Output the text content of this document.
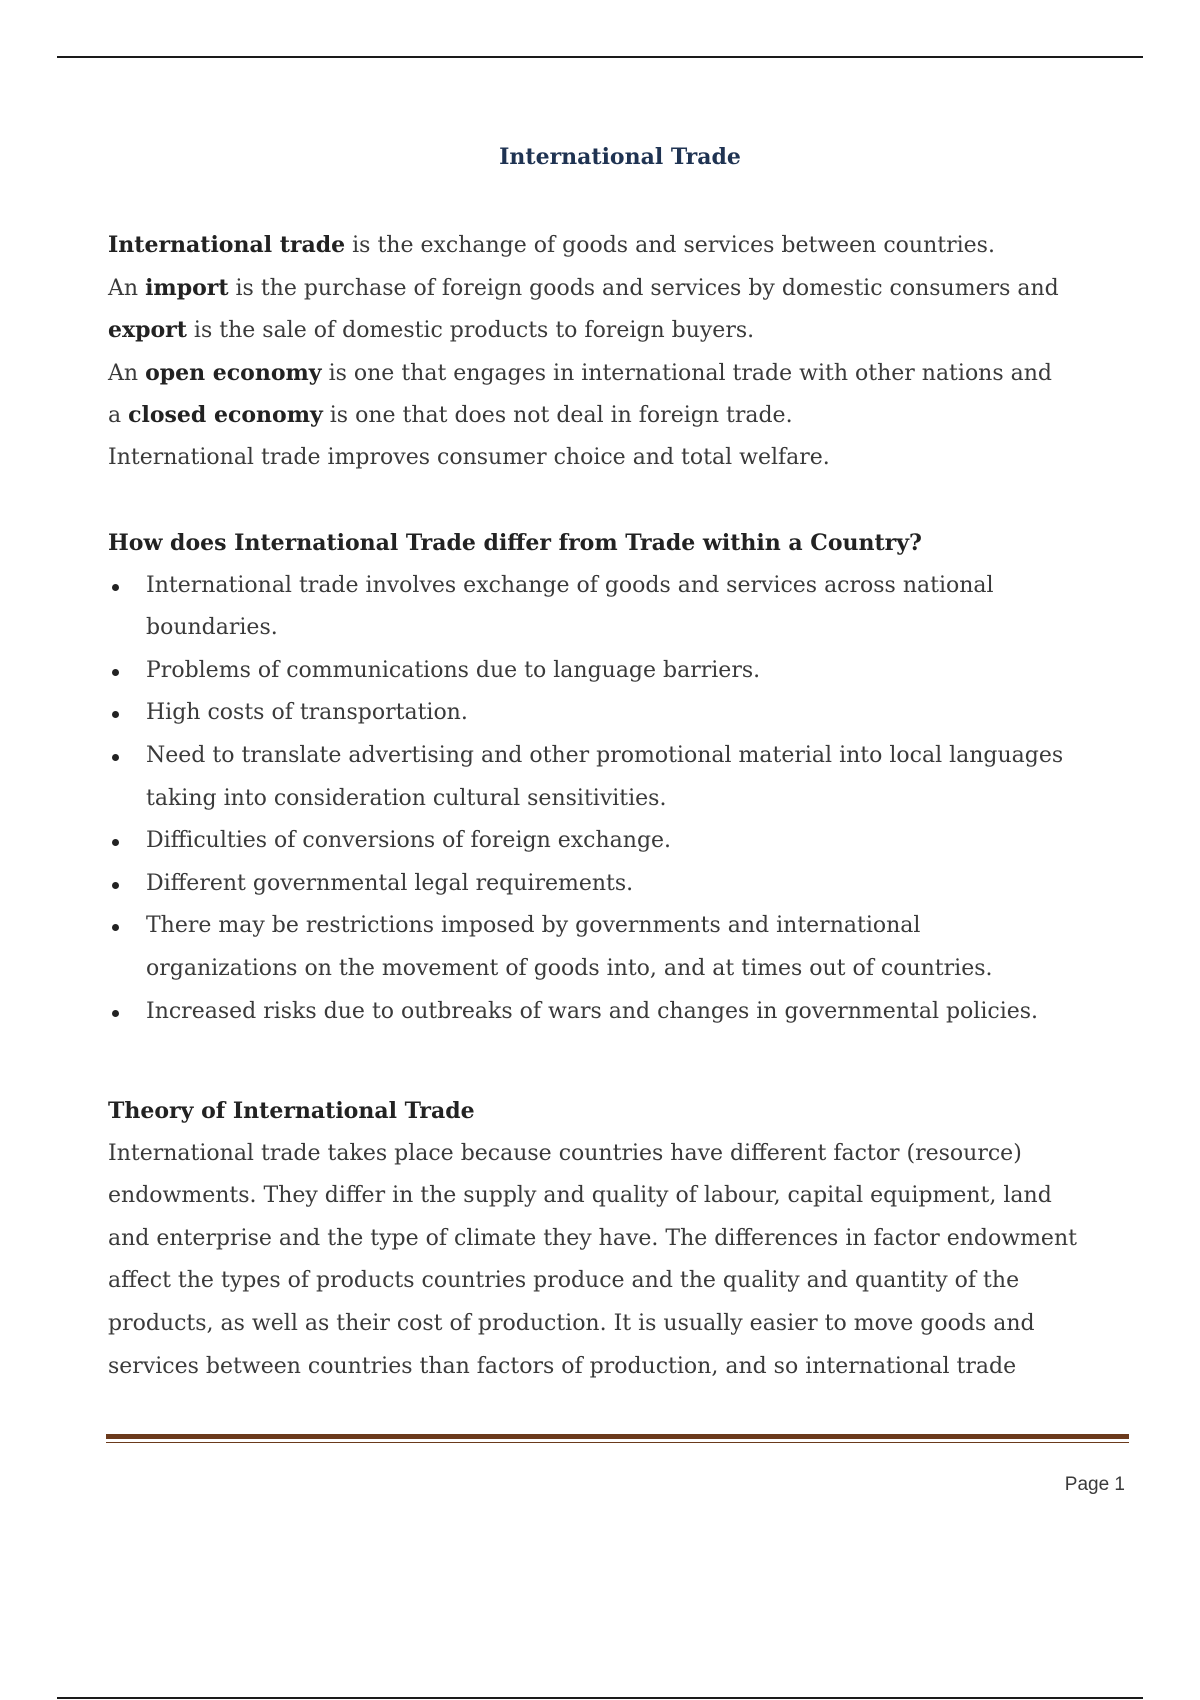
International Trade
International trade is the exchange of goods and services between countries.
An import is the purchase of foreign goods and services by domestic consumers and
export is the sale of domestic products to foreign buyers.
An open economy is one that engages in international trade with other nations and
a closed economy is one that does not deal in foreign trade.
International trade improves consumer choice and total welfare.
How does International Trade differ from Trade within a Country?
International trade involves exchange of goods and services across national
boundaries.
Problems of communications due to language barriers.
High costs of transportation.
Need to translate advertising and other promotional material into local languages
taking into consideration cultural sensitivities.
Difficulties of conversions of foreign exchange.
Different governmental legal requirements.
There may be restrictions imposed by governments and international
organizations on the movement of goods into, and at times out of countries.
Increased risks due to outbreaks of wars and changes in governmental policies.
Theory of International Trade
International trade takes place because countries have different factor (resource)
endowments. They differ in the supply and quality of labour, capital equipment, land
and enterprise and the type of climate they have. The differences in factor endowment
affect the types of products countries produce and the quality and quantity of the
products, as well as their cost of production. It is usually easier to move goods and
services between countries than factors of production, and so international trade
Page 1
